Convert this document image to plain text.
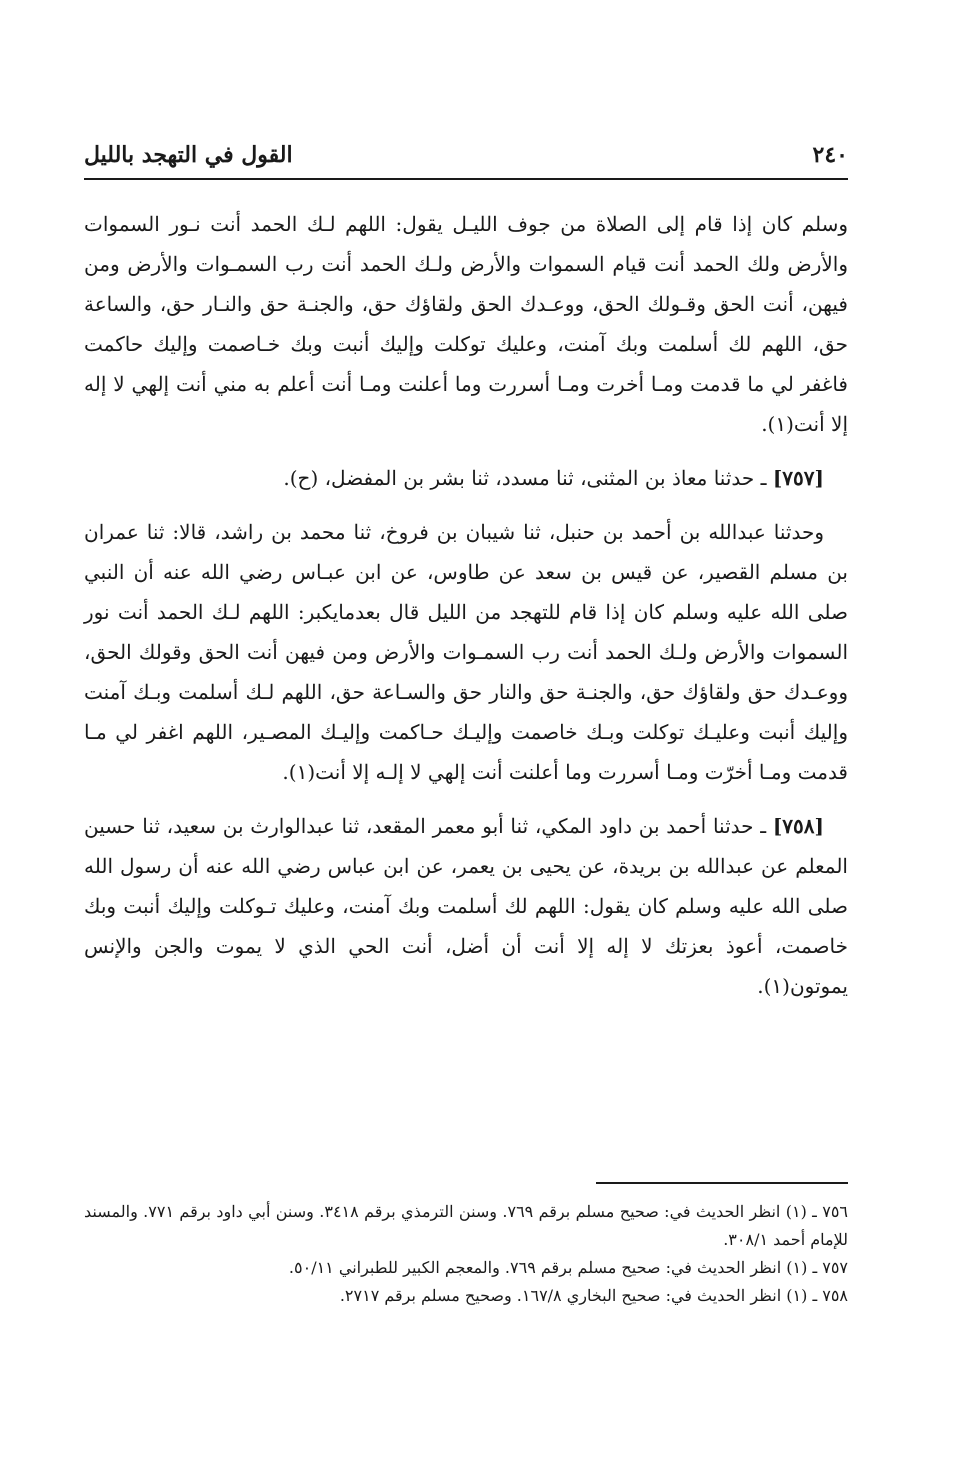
٢٤٠
القول في التهجد بالليل

وسلم كان إذا قام إلى الصلاة من جوف الليـل يقول: اللهم لـك الحمد أنت نـور السموات والأرض ولك الحمد أنت قيام السموات والأرض ولـك الحمد أنت رب السمـوات والأرض ومن فيهن، أنت الحق وقـولك الحق، ووعـدك الحق ولقاؤك حق، والجنـة حق والنـار حق، والساعة حق، اللهم لك أسلمت وبك آمنت، وعليك توكلت وإليك أنبت وبك خـاصمت وإليك حاكمت فاغفر لي ما قدمت ومـا أخرت ومـا أسررت وما أعلنت ومـا أنت أعلم به مني أنت إلهي لا إله إلا أنت(١).

[٧٥٧] ـ حدثنا معاذ بن المثنى، ثنا مسدد، ثنا بشر بن المفضل، (ح).

وحدثنا عبدالله بن أحمد بن حنبل، ثنا شيبان بن فروخ، ثنا محمد بن راشد، قالا: ثنا عمران بن مسلم القصير، عن قيس بن سعد عن طاوس، عن ابن عبـاس رضي الله عنه أن النبي صلى الله عليه وسلم كان إذا قام للتهجد من الليل قال بعدمايكبر: اللهم لـك الحمد أنت نور السموات والأرض ولـك الحمد أنت رب السمـوات والأرض ومن فيهن أنت الحق وقولك الحق، ووعـدك حق ولقاؤك حق، والجنـة حق والنار حق والسـاعة حق، اللهم لـك أسلمت وبـك آمنت وإليك أنبت وعليـك توكلت وبـك خاصمت وإليـك حـاكمت وإليـك المصـير، اللهم اغفر لي مـا قدمت ومـا أخرّت ومـا أسررت وما أعلنت أنت إلهي لا إلـه إلا أنت(١).

[٧٥٨] ـ حدثنا أحمد بن داود المكي، ثنا أبو معمر المقعد، ثنا عبدالوارث بن سعيد، ثنا حسين المعلم عن عبدالله بن بريدة، عن يحيى بن يعمر، عن ابن عباس رضي الله عنه أن رسول الله صلى الله عليه وسلم كان يقول: اللهم لك أسلمت وبك آمنت، وعليك تـوكلت وإليك أنبت وبك خاصمت، أعوذ بعزتك لا إله إلا أنت أن أضل، أنت الحي الذي لا يموت والجن والإنس يموتون(١).

٧٥٦ ـ (١) انظر الحديث في: صحيح مسلم برقم ٧٦٩. وسنن الترمذي برقم ٣٤١٨. وسنن أبي داود برقم ٧٧١. والمسند للإمام أحمد ٣٠٨/١.

٧٥٧ ـ (١) انظر الحديث في: صحيح مسلم برقم ٧٦٩. والمعجم الكبير للطبراني ٥٠/١١.

٧٥٨ ـ (١) انظر الحديث في: صحيح البخاري ١٦٧/٨. وصحيح مسلم برقم ٢٧١٧.
